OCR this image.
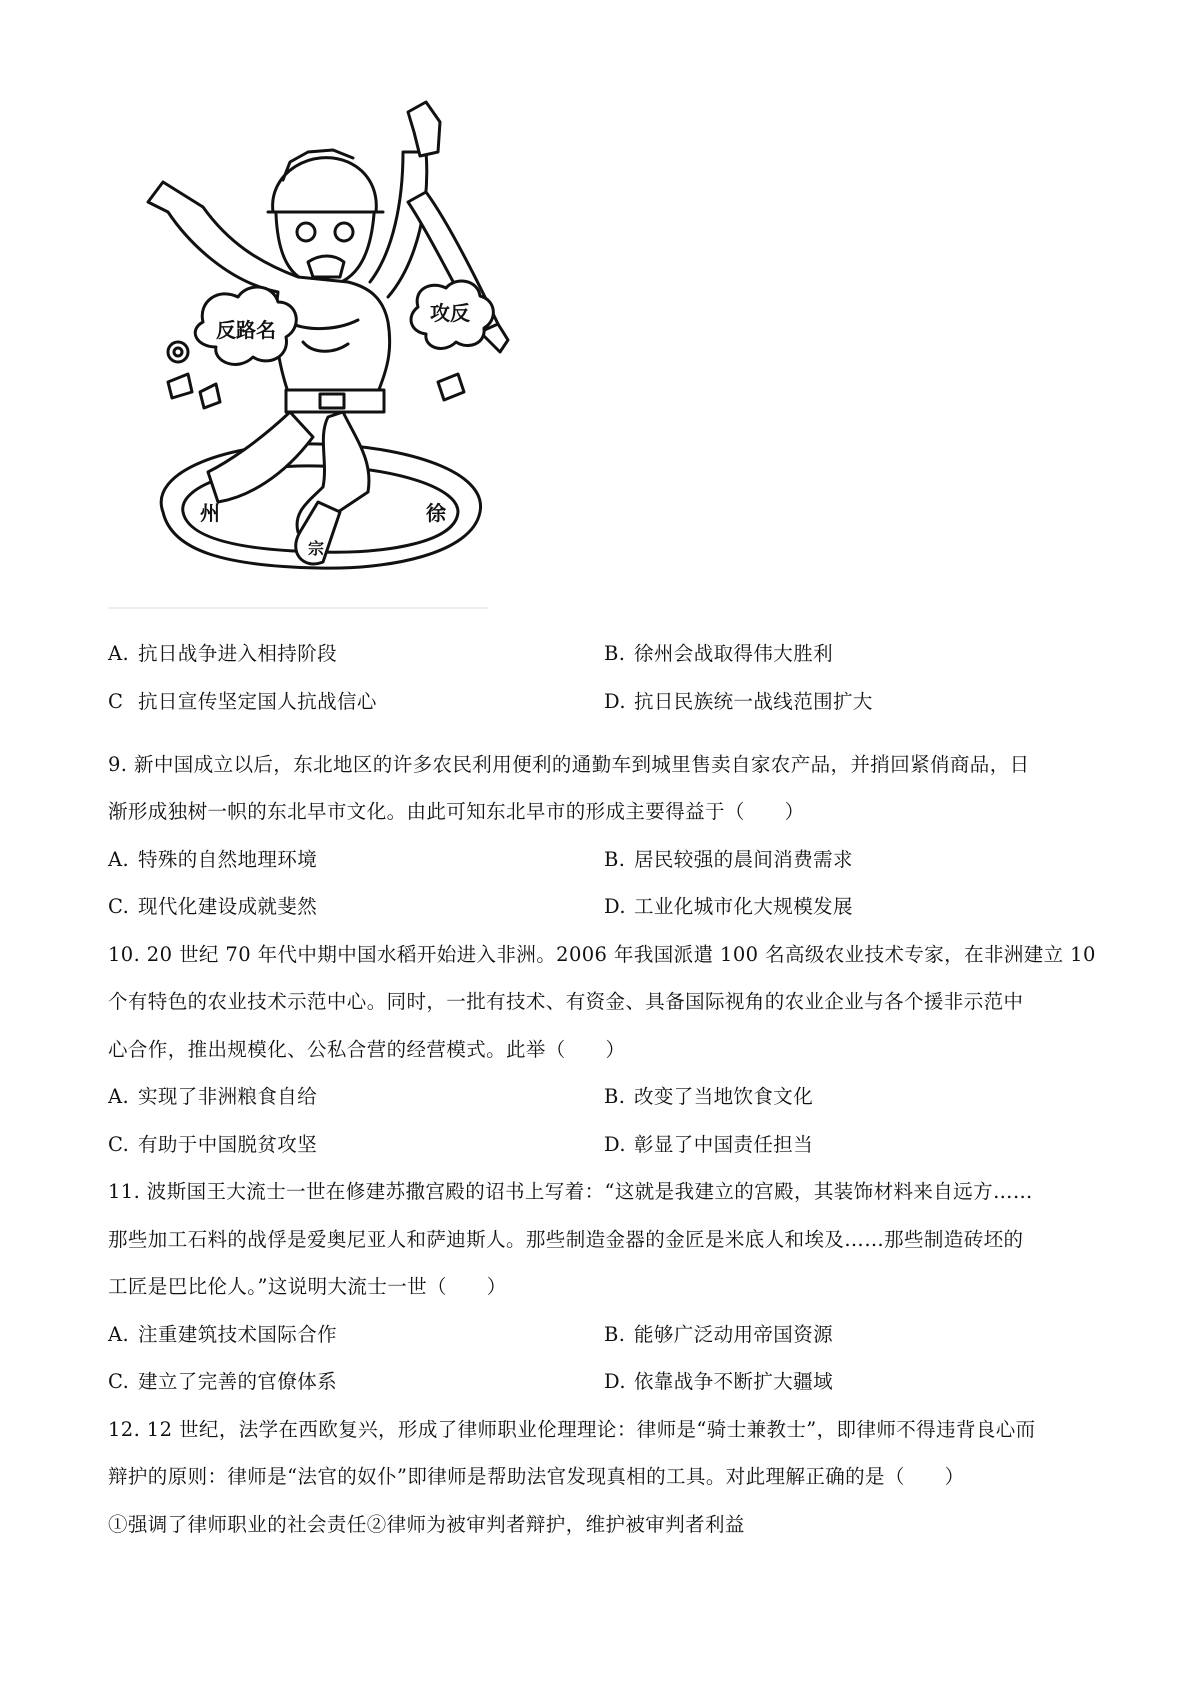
反路名
攻反
州	徐
宗
A. 抗日战争进入相持阶段	B. 徐州会战取得伟大胜利
C 抗日宣传坚定国人抗战信心	D. 抗日民族统一战线范围扩大
9. 新中国成立以后，东北地区的许多农民利用便利的通勤车到城里售卖自家农产品，并捎回紧俏商品，日
渐形成独树一帜的东北早市文化。由此可知东北早市的形成主要得益于（　　）
A. 特殊的自然地理环境	B. 居民较强的晨间消费需求
C. 现代化建设成就斐然	D. 工业化城市化大规模发展
10. 20 世纪 70 年代中期中国水稻开始进入非洲。2006 年我国派遣 100 名高级农业技术专家，在非洲建立 10
个有特色的农业技术示范中心。同时，一批有技术、有资金、具备国际视角的农业企业与各个援非示范中
心合作，推出规模化、公私合营的经营模式。此举（　　）
A. 实现了非洲粮食自给	B. 改变了当地饮食文化
C. 有助于中国脱贫攻坚	D. 彰显了中国责任担当
11. 波斯国王大流士一世在修建苏撒宫殿的诏书上写着：“这就是我建立的宫殿，其装饰材料来自远方……
那些加工石料的战俘是爱奥尼亚人和萨迪斯人。那些制造金器的金匠是米底人和埃及……那些制造砖坯的
工匠是巴比伦人。”这说明大流士一世（　　）
A. 注重建筑技术国际合作	B. 能够广泛动用帝国资源
C. 建立了完善的官僚体系	D. 依靠战争不断扩大疆域
12. 12 世纪，法学在西欧复兴，形成了律师职业伦理理论：律师是“骑士兼教士”，即律师不得违背良心而
辩护的原则：律师是“法官的奴仆”即律师是帮助法官发现真相的工具。对此理解正确的是（　　）
①强调了律师职业的社会责任②律师为被审判者辩护，维护被审判者利益
